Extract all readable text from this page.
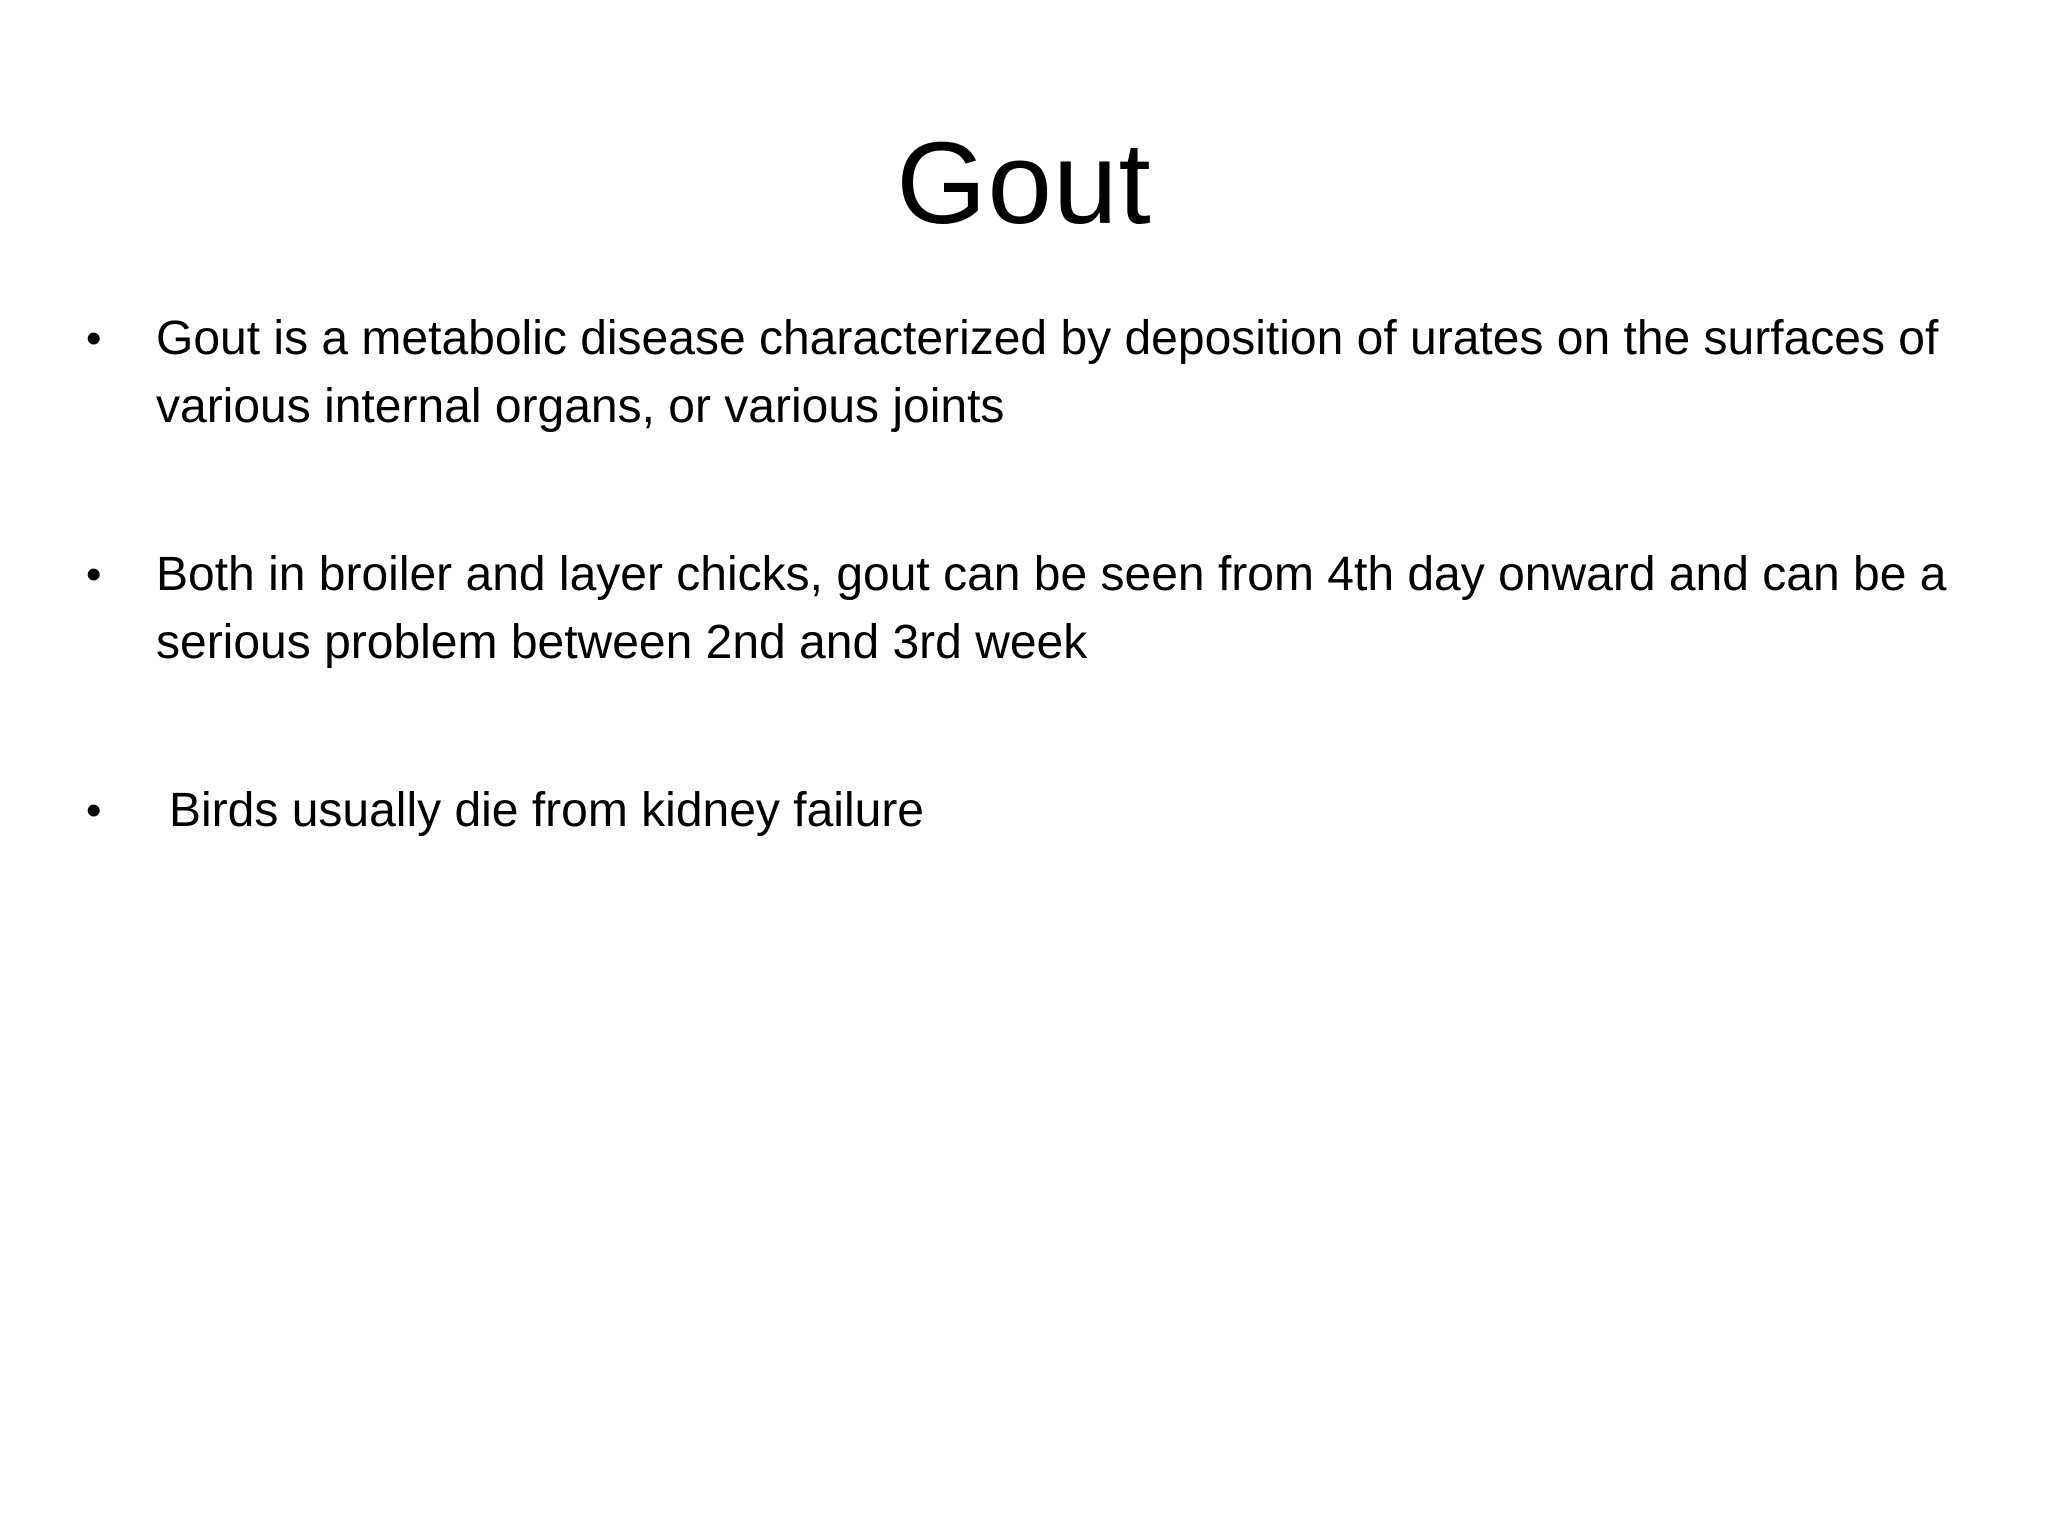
Gout
•	Gout is a metabolic disease characterized by deposition of urates on the surfaces of various internal organs, or various joints
•	Both in broiler and layer chicks, gout can be seen from 4th day onward and can be a serious problem between 2nd and 3rd week
•	Birds usually die from kidney failure
